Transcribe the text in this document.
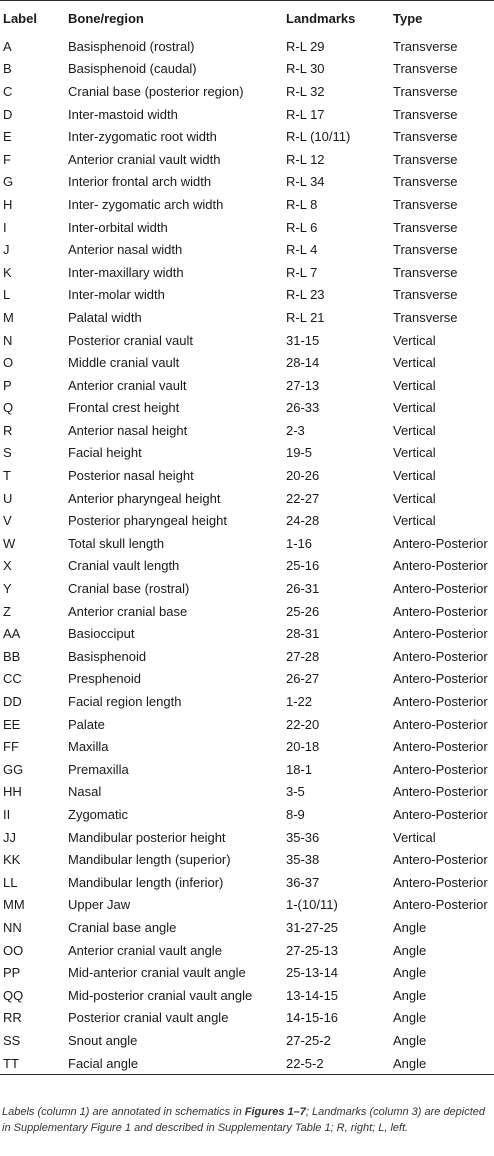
Label	Bone/region	Landmarks	Type
A	Basisphenoid (rostral)	R-L 29	Transverse
B	Basisphenoid (caudal)	R-L 30	Transverse
C	Cranial base (posterior region)	R-L 32	Transverse
D	Inter-mastoid width	R-L 17	Transverse
E	Inter-zygomatic root width	R-L (10/11)	Transverse
F	Anterior cranial vault width	R-L 12	Transverse
G	Interior frontal arch width	R-L 34	Transverse
H	Inter- zygomatic arch width	R-L 8	Transverse
I	Inter-orbital width	R-L 6	Transverse
J	Anterior nasal width	R-L 4	Transverse
K	Inter-maxillary width	R-L 7	Transverse
L	Inter-molar width	R-L 23	Transverse
M	Palatal width	R-L 21	Transverse
N	Posterior cranial vault	31-15	Vertical
O	Middle cranial vault	28-14	Vertical
P	Anterior cranial vault	27-13	Vertical
Q	Frontal crest height	26-33	Vertical
R	Anterior nasal height	2-3	Vertical
S	Facial height	19-5	Vertical
T	Posterior nasal height	20-26	Vertical
U	Anterior pharyngeal height	22-27	Vertical
V	Posterior pharyngeal height	24-28	Vertical
W	Total skull length	1-16	Antero-Posterior
X	Cranial vault length	25-16	Antero-Posterior
Y	Cranial base (rostral)	26-31	Antero-Posterior
Z	Anterior cranial base	25-26	Antero-Posterior
AA	Basiocciput	28-31	Antero-Posterior
BB	Basisphenoid	27-28	Antero-Posterior
CC	Presphenoid	26-27	Antero-Posterior
DD	Facial region length	1-22	Antero-Posterior
EE	Palate	22-20	Antero-Posterior
FF	Maxilla	20-18	Antero-Posterior
GG	Premaxilla	18-1	Antero-Posterior
HH	Nasal	3-5	Antero-Posterior
II	Zygomatic	8-9	Antero-Posterior
JJ	Mandibular posterior height	35-36	Vertical
KK	Mandibular length (superior)	35-38	Antero-Posterior
LL	Mandibular length (inferior)	36-37	Antero-Posterior
MM	Upper Jaw	1-(10/11)	Antero-Posterior
NN	Cranial base angle	31-27-25	Angle
OO	Anterior cranial vault angle	27-25-13	Angle
PP	Mid-anterior cranial vault angle	25-13-14	Angle
QQ	Mid-posterior cranial vault angle	13-14-15	Angle
RR	Posterior cranial vault angle	14-15-16	Angle
SS	Snout angle	27-25-2	Angle
TT	Facial angle	22-5-2	Angle
Labels (column 1) are annotated in schematics in Figures 1–7; Landmarks (column 3) are depicted in Supplementary Figure 1 and described in Supplementary Table 1; R, right; L, left.
